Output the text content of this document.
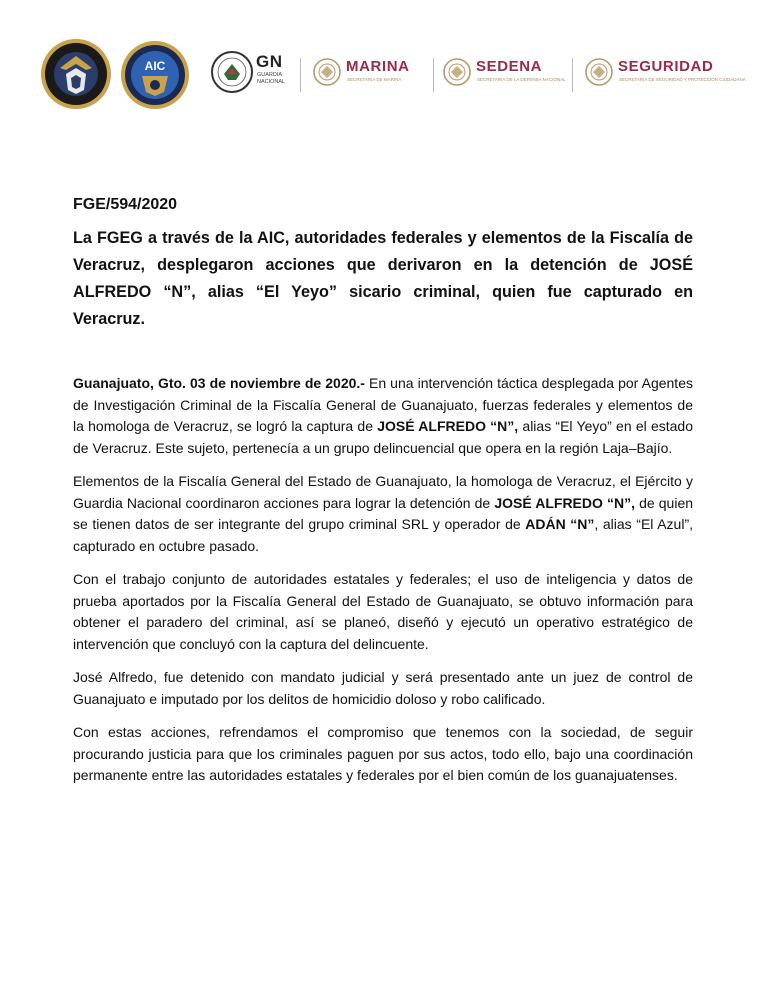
AIC	GN
GUARDIA NACIONAL
MARINA
SECRETARÍA DE MARINA
SEDENA
SECRETARÍA DE LA DEFENSA NACIONAL
SEGURIDAD
SECRETARÍA DE SEGURIDAD Y PROTECCIÓN CIUDADANA

FGE/594/2020

La FGEG a través de la AIC, autoridades federales y elementos de la Fiscalía de Veracruz, desplegaron acciones que derivaron en la detención de JOSÉ ALFREDO “N”, alias “El Yeyo” sicario criminal, quien fue capturado en Veracruz.

Guanajuato, Gto. 03 de noviembre de 2020.- En una intervención táctica desplegada por Agentes de Investigación Criminal de la Fiscalía General de Guanajuato, fuerzas federales y elementos de la homologa de Veracruz, se logró la captura de JOSÉ ALFREDO “N”, alias “El Yeyo” en el estado de Veracruz. Este sujeto, pertenecía a un grupo delincuencial que opera en la región Laja–Bajío.

Elementos de la Fiscalía General del Estado de Guanajuato, la homologa de Veracruz, el Ejército y Guardia Nacional coordinaron acciones para lograr la detención de JOSÉ ALFREDO “N”, de quien se tienen datos de ser integrante del grupo criminal SRL y operador de ADÁN “N”, alias “El Azul”, capturado en octubre pasado.

Con el trabajo conjunto de autoridades estatales y federales; el uso de inteligencia y datos de prueba aportados por la Fiscalía General del Estado de Guanajuato, se obtuvo información para obtener el paradero del criminal, así se planeó, diseñó y ejecutó un operativo estratégico de intervención que concluyó con la captura del delincuente.

José Alfredo, fue detenido con mandato judicial y será presentado ante un juez de control de Guanajuato e imputado por los delitos de homicidio doloso y robo calificado.

Con estas acciones, refrendamos el compromiso que tenemos con la sociedad, de seguir procurando justicia para que los criminales paguen por sus actos, todo ello, bajo una coordinación permanente entre las autoridades estatales y federales por el bien común de los guanajuatenses.
